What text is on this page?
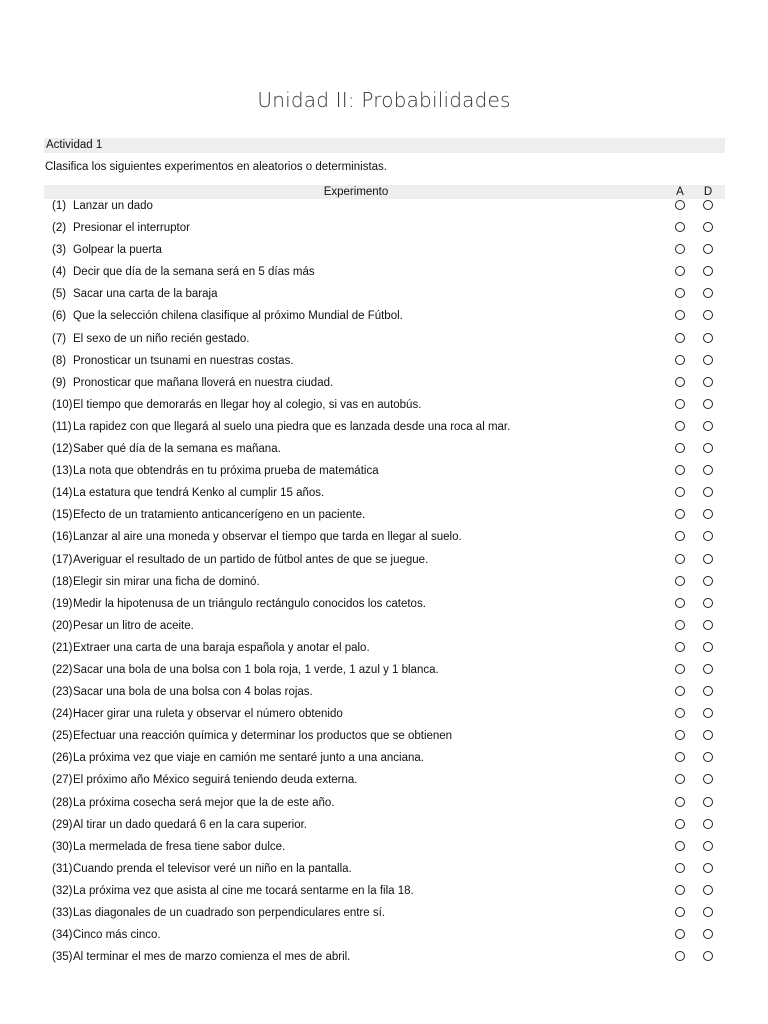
Unidad II: Probabilidades
Actividad 1
Clasifica los siguientes experimentos en aleatorios o deterministas.
Experimento	A D
(1) Lanzar un dado
(2) Presionar el interruptor
(3) Golpear la puerta
(4) Decir que día de la semana será en 5 días más
(5) Sacar una carta de la baraja
(6) Que la selección chilena clasifique al próximo Mundial de Fútbol.
(7) El sexo de un niño recién gestado.
(8) Pronosticar un tsunami en nuestras costas.
(9) Pronosticar que mañana lloverá en nuestra ciudad.
(10) El tiempo que demorarás en llegar hoy al colegio, si vas en autobús.
(11) La rapidez con que llegará al suelo una piedra que es lanzada desde una roca al mar.
(12) Saber qué día de la semana es mañana.
(13) La nota que obtendrás en tu próxima prueba de matemática
(14) La estatura que tendrá Kenko al cumplir 15 años.
(15) Efecto de un tratamiento anticancerígeno en un paciente.
(16) Lanzar al aire una moneda y observar el tiempo que tarda en llegar al suelo.
(17) Averiguar el resultado de un partido de fútbol antes de que se juegue.
(18) Elegir sin mirar una ficha de dominó.
(19) Medir la hipotenusa de un triángulo rectángulo conocidos los catetos.
(20) Pesar un litro de aceite.
(21) Extraer una carta de una baraja española y anotar el palo.
(22) Sacar una bola de una bolsa con 1 bola roja, 1 verde, 1 azul y 1 blanca.
(23) Sacar una bola de una bolsa con 4 bolas rojas.
(24) Hacer girar una ruleta y observar el número obtenido
(25) Efectuar una reacción química y determinar los productos que se obtienen
(26) La próxima vez que viaje en camión me sentaré junto a una anciana.
(27) El próximo año México seguirá teniendo deuda externa.
(28) La próxima cosecha será mejor que la de este año.
(29) Al tirar un dado quedará 6 en la cara superior.
(30) La mermelada de fresa tiene sabor dulce.
(31) Cuando prenda el televisor veré un niño en la pantalla.
(32) La próxima vez que asista al cine me tocará sentarme en la fila 18.
(33) Las diagonales de un cuadrado son perpendiculares entre sí.
(34) Cinco más cinco.
(35) Al terminar el mes de marzo comienza el mes de abril.
